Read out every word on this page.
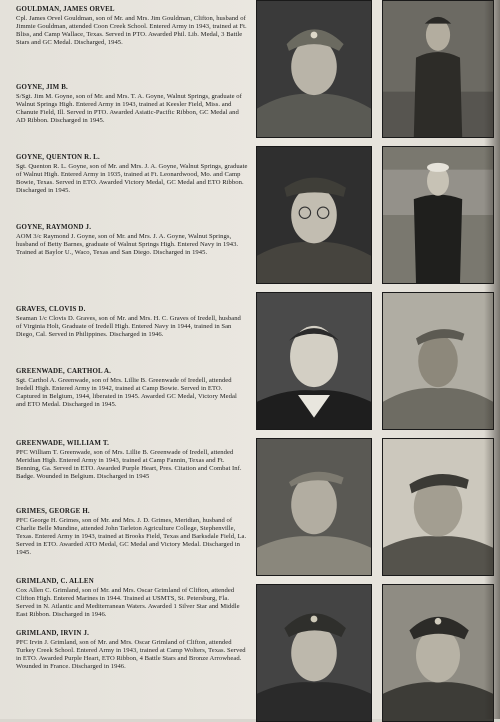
GOULDMAN, JAMES ORVEL
Cpl. James Orvel Gouldman, son of Mr. and Mrs. Jim Gouldman, Clifton, husband of Jimmie Gouldman, attended Coon Creek School. Entered Army in 1943, trained at Ft. Bliss, and Camp Wallace, Texas. Served in PTO. Awarded Phil. Lib. Medal, 3 Battle Stars and GC Medal. Discharged, 1945.
GOYNE, JIM B.
S/Sgt. Jim M. Goyne, son of Mr. and Mrs. T. A. Goyne, Walnut Springs, graduate of Walnut Springs High. Entered Army in 1943, trained at Keesler Field, Miss. and Chanute Field, Ill. Served in PTO. Awarded Asiatic-Pacific Ribbon, GC Medal and AD Ribbon. Discharged in 1945.
GOYNE, QUENTON R. L.
Sgt. Quenton R. L. Goyne, son of Mr. and Mrs. J. A. Goyne, Walnut Springs, graduate of Walnut High. Entered Army in 1935, trained at Ft. Leonardwood, Mo. and Camp Bowie, Texas. Served in ETO. Awarded Victory Medal, GC Medal and ETO Ribbon. Discharged in 1945.
GOYNE, RAYMOND J.
AOM 3/c Raymond J. Goyne, son of Mr. and Mrs. J. A. Goyne, Walnut Springs, husband of Betty Barnes, graduate of Walnut Springs High. Entered Navy in 1943. Trained at Baylor U., Waco, Texas and San Diego. Discharged in 1945.
GRAVES, CLOVIS D.
Seaman 1/c Clovis D. Graves, son of Mr. and Mrs. H. C. Graves of Iredell, husband of Virginia Holt, Graduate of Iredell High. Entered Navy in 1944, trained in San Diego, Cal. Served in Philippines. Discharged in 1946.
GREENWADE, CARTHOL A.
Sgt. Carthol A. Greenwade, son of Mrs. Lillie B. Greenwade of Iredell, attended Iredell High. Entered Army in 1942, trained at Camp Bowie. Served in ETO. Captured in Belgium, 1944, liberated in 1945. Awarded GC Medal, Victory Medal and ETO Medal. Discharged in 1945.
GREENWADE, WILLIAM T.
PFC William T. Greenwade, son of Mrs. Lillie B. Greenwade of Iredell, attended Meridian High. Entered Army in 1943, trained at Camp Fannin, Texas and Ft. Benning, Ga. Served in ETO. Awarded Purple Heart, Pres. Citation and Combat Inf. Badge. Wounded in Belgium. Discharged in 1945
GRIMES, GEORGE H.
PFC George H. Grimes, son of Mr. and Mrs. J. D. Grimes, Meridian, husband of Charlie Belle Mundine, attended John Tarleton Agriculture College, Stephenville, Texas. Entered Army in 1943, trained at Brooks Field, Texas and Barksdale Field, La. Served in ETO. Awarded ATO Medal, GC Medal and Victory Medal. Discharged in 1945.
GRIMLAND, C. ALLEN
Cox Allen C. Grimland, son of Mr. and Mrs. Oscar Grimland of Clifton, attended Clifton High. Entered Marines in 1944. Trained at USMTS, St. Petersburg, Fla. Served in N. Atlantic and Mediterranean Waters. Awarded 1 Silver Star and Middle East Ribbon. Discharged in 1946.
GRIMLAND, IRVIN J.
PFC Irvin J. Grimland, son of Mr. and Mrs. Oscar Grimland of Clifton, attended Turkey Creek School. Entered Army in 1943, trained at Camp Wolters, Texas. Served in ETO. Awarded Purple Heart, ETO Ribbon, 4 Battle Stars and Bronze Arrowhead. Wounded in France. Discharged in 1946.
